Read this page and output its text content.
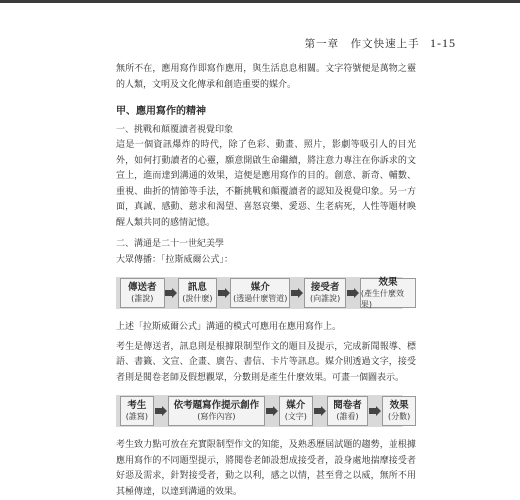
第一章　作文快速上手 1-15

無所不在，應用寫作即寫作應用，與生活息息相關。文字符號便是萬物之靈的人類，文明及文化傳承和創造重要的媒介。

甲、應用寫作的精神
一、挑戰和顛覆讀者視覺印象

這是一個資訊爆炸的時代，除了色彩、動畫、照片，影劇等吸引人的目光外，如何打動讀者的心靈，願意開啟生命繼續，將注意力專注在你訴求的文宣上，進而達到溝通的效果，這便是應用寫作的目的。創意、新奇、輔數、重視、曲折的情節等手法，不斷挑戰和顛覆讀者的認知及視覺印象。另一方面，真誠、感動、慈求和渴望、喜怒哀樂、愛惡、生老病死，人性等題材喚醒人類共同的感情記憶。

二、溝通是二十一世紀美學

大眾傳播：「拉斯威爾公式」：

傳送者
(誰說)
訊息
(說什麼)
媒介
(透過什麼管道)
接受者
(向誰說)
效果
(產生什麼效果)

上述「拉斯威爾公式」溝通的模式可應用在應用寫作上。

考生是傳送者，訊息則是根據限制型作文的題目及提示，完成新聞報導、標語、書籤、文宣、企畫、廣告、書信、卡片等訊息。媒介則透過文字，接受者則是閱卷老師及假想觀眾，分數則是產生什麼效果。可畫一個圖表示。

考生
(誰寫)
依考題寫作提示創作
(寫作內容)
媒介
(文字)
閱卷者
(誰看)
效果
(分數)

考生致力點可放在充實限制型作文的知能，及熟悉歷屆試題的趨勢，並根據應用寫作的不同題型提示，將閱卷老師設想成接受者，設身處地揣摩接受者好惡及需求，針對接受者，動之以利，感之以情，甚至脅之以威，無所不用其極傳達，以達到溝通的效果。
